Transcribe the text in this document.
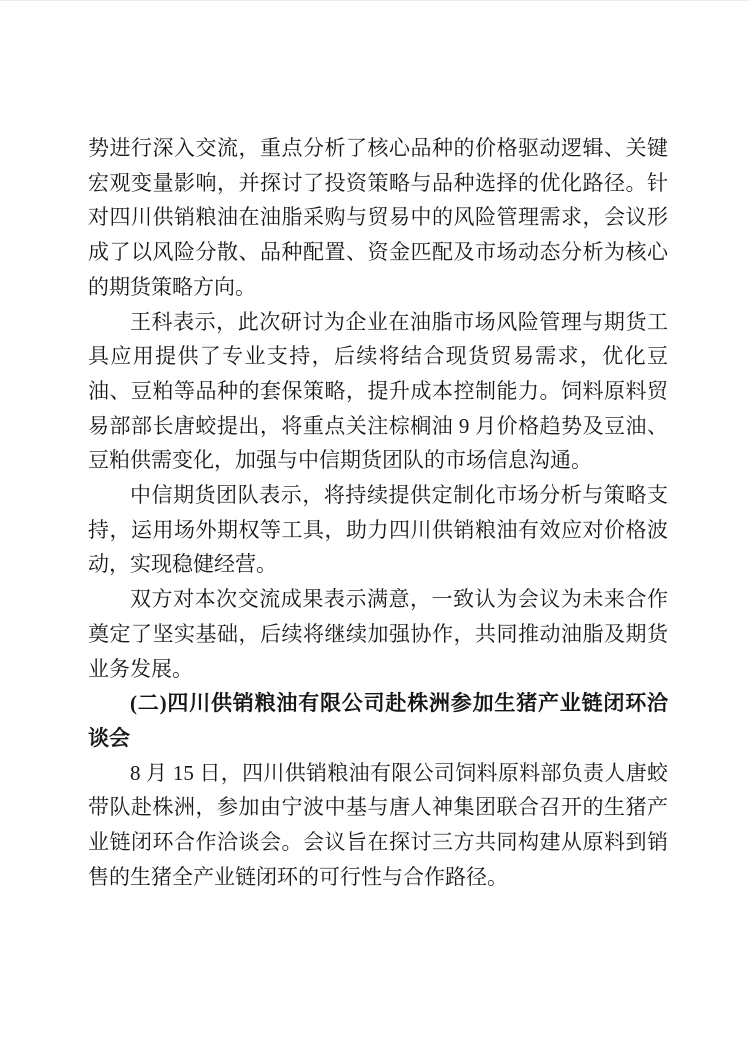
势进行深入交流，重点分析了核心品种的价格驱动逻辑、关键宏观变量影响，并探讨了投资策略与品种选择的优化路径。针对四川供销粮油在油脂采购与贸易中的风险管理需求，会议形成了以风险分散、品种配置、资金匹配及市场动态分析为核心的期货策略方向。

王科表示，此次研讨为企业在油脂市场风险管理与期货工具应用提供了专业支持，后续将结合现货贸易需求，优化豆油、豆粕等品种的套保策略，提升成本控制能力。饲料原料贸易部部长唐蛟提出，将重点关注棕榈油 9 月价格趋势及豆油、豆粕供需变化，加强与中信期货团队的市场信息沟通。

中信期货团队表示，将持续提供定制化市场分析与策略支持，运用场外期权等工具，助力四川供销粮油有效应对价格波动，实现稳健经营。

双方对本次交流成果表示满意，一致认为会议为未来合作奠定了坚实基础，后续将继续加强协作，共同推动油脂及期货业务发展。

(二)四川供销粮油有限公司赴株洲参加生猪产业链闭环洽谈会

8 月 15 日，四川供销粮油有限公司饲料原料部负责人唐蛟带队赴株洲，参加由宁波中基与唐人神集团联合召开的生猪产业链闭环合作洽谈会。会议旨在探讨三方共同构建从原料到销售的生猪全产业链闭环的可行性与合作路径。
